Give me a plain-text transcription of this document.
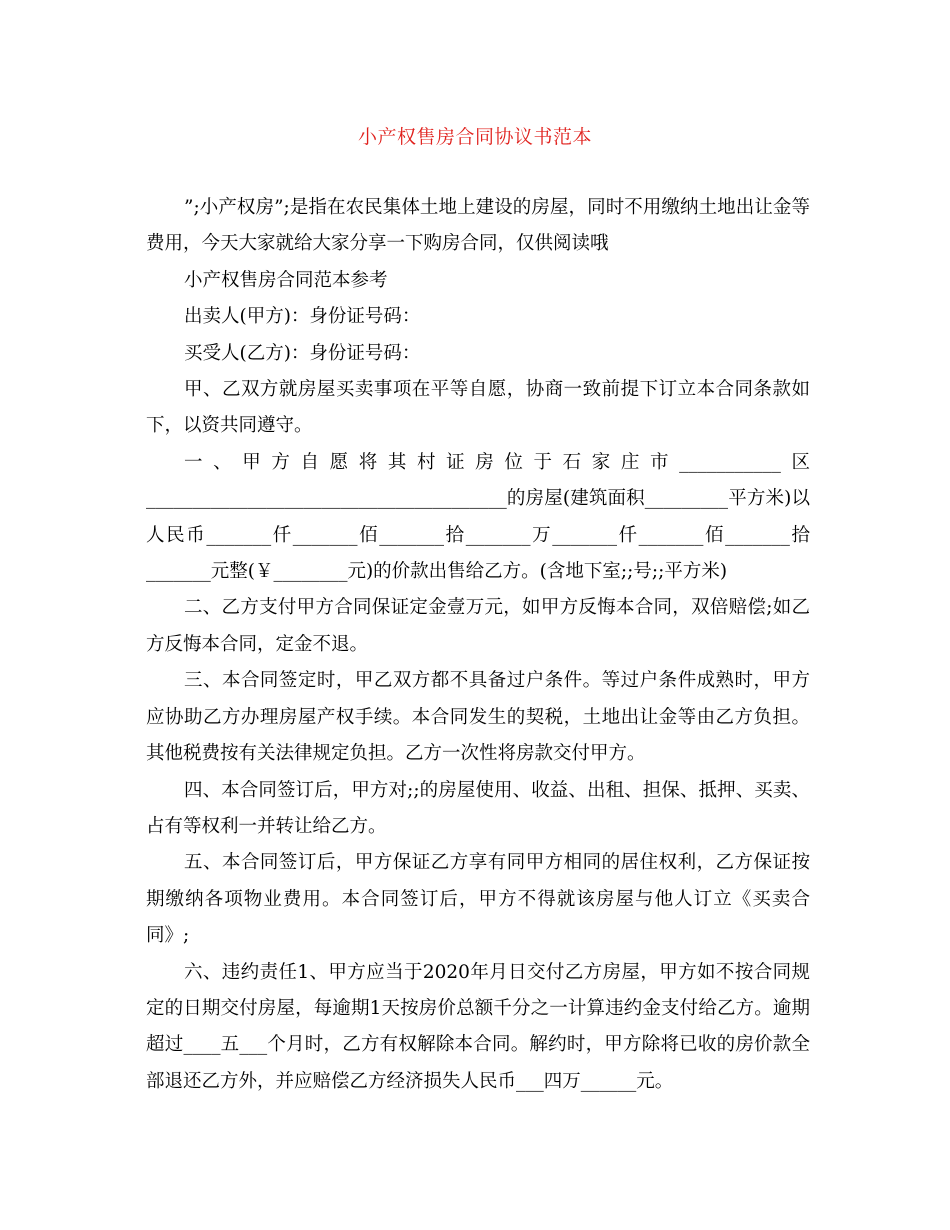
小产权售房合同协议书范本

”;小产权房”;是指在农民集体土地上建设的房屋，同时不用缴纳土地出让金等费用，今天大家就给大家分享一下购房合同，仅供阅读哦

小产权售房合同范本参考

出卖人(甲方)：身份证号码：

买受人(乙方)：身份证号码：

甲、乙双方就房屋买卖事项在平等自愿，协商一致前提下订立本合同条款如下，以资共同遵守。

一、甲方自愿将其村证房位于石家庄市___________区_______________________________________的房屋(建筑面积_________平方米)以人民币_______仟_______佰_______拾_______万_______仟_______佰_______拾_______元整(￥________元)的价款出售给乙方。(含地下室;;号;;平方米)

二、乙方支付甲方合同保证定金壹万元，如甲方反悔本合同，双倍赔偿;如乙方反悔本合同，定金不退。

三、本合同签定时，甲乙双方都不具备过户条件。等过户条件成熟时，甲方应协助乙方办理房屋产权手续。本合同发生的契税，土地出让金等由乙方负担。其他税费按有关法律规定负担。乙方一次性将房款交付甲方。

四、本合同签订后，甲方对;;的房屋使用、收益、出租、担保、抵押、买卖、占有等权利一并转让给乙方。

五、本合同签订后，甲方保证乙方享有同甲方相同的居住权利，乙方保证按期缴纳各项物业费用。本合同签订后，甲方不得就该房屋与他人订立《买卖合同》;

六、违约责任1、甲方应当于2020年月日交付乙方房屋，甲方如不按合同规定的日期交付房屋，每逾期1天按房价总额千分之一计算违约金支付给乙方。逾期超过____五___个月时，乙方有权解除本合同。解约时，甲方除将已收的房价款全部退还乙方外，并应赔偿乙方经济损失人民币___四万______元。
